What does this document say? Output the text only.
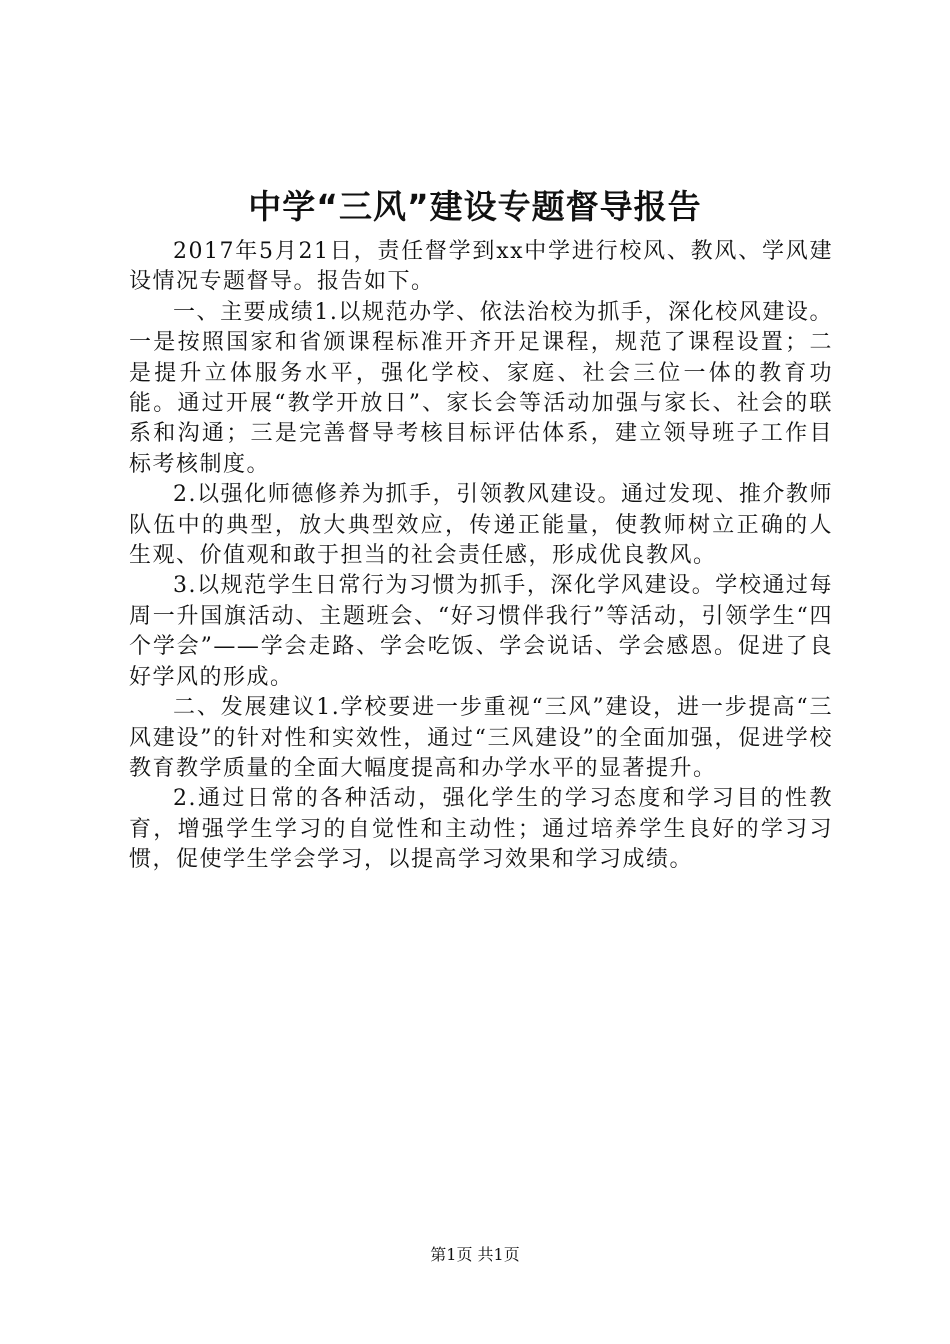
中学“三风”建设专题督导报告

2017年5月21日，责任督学到xx中学进行校风、教风、学风建设情况专题督导。报告如下。

一、主要成绩1.以规范办学、依法治校为抓手，深化校风建设。一是按照国家和省颁课程标准开齐开足课程，规范了课程设置；二是提升立体服务水平，强化学校、家庭、社会三位一体的教育功能。通过开展“教学开放日”、家长会等活动加强与家长、社会的联系和沟通；三是完善督导考核目标评估体系，建立领导班子工作目标考核制度。

2.以强化师德修养为抓手，引领教风建设。通过发现、推介教师队伍中的典型，放大典型效应，传递正能量，使教师树立正确的人生观、价值观和敢于担当的社会责任感，形成优良教风。

3.以规范学生日常行为习惯为抓手，深化学风建设。学校通过每周一升国旗活动、主题班会、“好习惯伴我行”等活动，引领学生“四个学会”——学会走路、学会吃饭、学会说话、学会感恩。促进了良好学风的形成。

二、发展建议1.学校要进一步重视“三风”建设，进一步提高“三风建设”的针对性和实效性，通过“三风建设”的全面加强，促进学校教育教学质量的全面大幅度提高和办学水平的显著提升。

2.通过日常的各种活动，强化学生的学习态度和学习目的性教育，增强学生学习的自觉性和主动性；通过培养学生良好的学习习惯，促使学生学会学习，以提高学习效果和学习成绩。

第1页 共1页
